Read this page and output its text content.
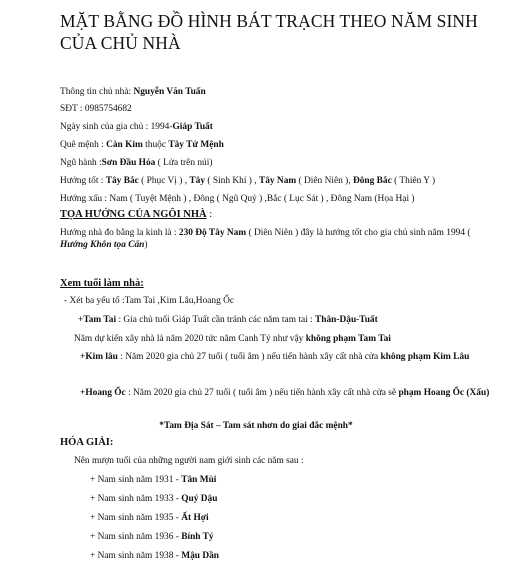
MẶT BẰNG ĐỒ HÌNH BÁT TRẠCH THEO NĂM SINH CỦA CHỦ NHÀ
Thông tin chủ nhà: Nguyễn Văn Tuấn
SĐT : 0985754682
Ngày sinh của gia chủ : 1994-Giáp Tuất
Quê mệnh : Càn Kim thuộc Tây Tứ Mệnh
Ngũ hành :Sơn Đầu Hỏa ( Lửa trên núi)
Hướng tốt : Tây Bắc ( Phục Vị ) , Tây ( Sinh Khí ) , Tây Nam ( Diên Niên ), Đông Bắc ( Thiên Y )
Hướng xấu : Nam ( Tuyệt Mệnh ) , Đông ( Ngũ Quỷ ) ,Bắc ( Lục Sát ) , Đông Nam (Họa Hại )
TỌA HƯỚNG CỦA NGÔI NHÀ :
Hướng nhà đo bằng la kinh là : 230 Độ Tây Nam ( Diên Niên ) đây là hướng tốt cho gia chủ sinh năm 1994 ( Hướng Khôn tọa Cấn)
Xem tuổi làm nhà:
- Xét ba yếu tố :Tam Tai ,Kim Lâu,Hoang Ốc
+Tam Tai : Gia chủ tuổi Giáp Tuất cần tránh các năm tam tai : Thân-Dậu-Tuất
Năm dự kiến xây nhà là năm 2020 tức năm Canh Tý như vậy không phạm Tam Tai
+Kim lâu : Năm 2020 gia chủ 27 tuổi ( tuổi âm ) nếu tiến hành xây cất nhà cửa không phạm Kim Lâu
+Hoang Ốc : Năm 2020 gia chủ 27 tuổi ( tuổi âm ) nếu tiến hành xây cất nhà cửa sẽ phạm Hoang Ốc (Xấu)
*Tam Địa Sát – Tam sát nhơn do giai đắc mệnh*
HÓA GIẢI:
Nên mượn tuổi của những người nam giới sinh các năm sau :
+ Nam sinh năm 1931 - Tân Mùi
+ Nam sinh năm 1933 - Quý Dậu
+ Nam sinh năm 1935 - Ất Hợi
+ Nam sinh năm 1936 - Bính Tý
+ Nam sinh năm 1938 - Mậu Dần
